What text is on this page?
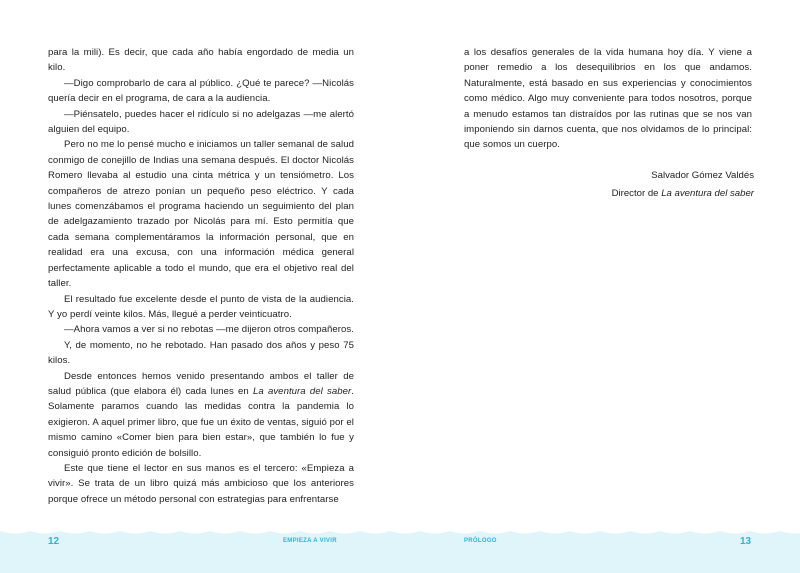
para la mili). Es decir, que cada año había engordado de media un kilo.

—Digo comprobarlo de cara al público. ¿Qué te parece? —Nicolás quería decir en el programa, de cara a la audiencia.

—Piénsatelo, puedes hacer el ridículo si no adelgazas —me alertó alguien del equipo.

Pero no me lo pensé mucho e iniciamos un taller semanal de salud conmigo de conejillo de Indias una semana después. El doctor Nicolás Romero llevaba al estudio una cinta métrica y un tensiómetro. Los compañeros de atrezo ponían un pequeño peso eléctrico. Y cada lunes comenzábamos el programa haciendo un seguimiento del plan de adelgazamiento trazado por Nicolás para mí. Esto permitía que cada semana complementáramos la información personal, que en realidad era una excusa, con una información médica general perfectamente aplicable a todo el mundo, que era el objetivo real del taller.

El resultado fue excelente desde el punto de vista de la audiencia. Y yo perdí veinte kilos. Más, llegué a perder veinticuatro.

—Ahora vamos a ver si no rebotas —me dijeron otros compañeros.

Y, de momento, no he rebotado. Han pasado dos años y peso 75 kilos.

Desde entonces hemos venido presentando ambos el taller de salud pública (que elabora él) cada lunes en La aventura del saber. Solamente paramos cuando las medidas contra la pandemia lo exigieron. A aquel primer libro, que fue un éxito de ventas, siguió por el mismo camino «Comer bien para bien estar», que también lo fue y consiguió pronto edición de bolsillo.

Este que tiene el lector en sus manos es el tercero: «Empieza a vivir». Se trata de un libro quizá más ambicioso que los anteriores porque ofrece un método personal con estrategias para enfrentarse

a los desafíos generales de la vida humana hoy día. Y viene a poner remedio a los desequilibrios en los que andamos. Naturalmente, está basado en sus experiencias y conocimientos como médico. Algo muy conveniente para todos nosotros, porque a menudo estamos tan distraídos por las rutinas que se nos van imponiendo sin darnos cuenta, que nos olvidamos de lo principal: que somos un cuerpo.

Salvador Gómez Valdés
Director de La aventura del saber
12	EMPIEZA A VIVIR	PRÓLOGO	13
